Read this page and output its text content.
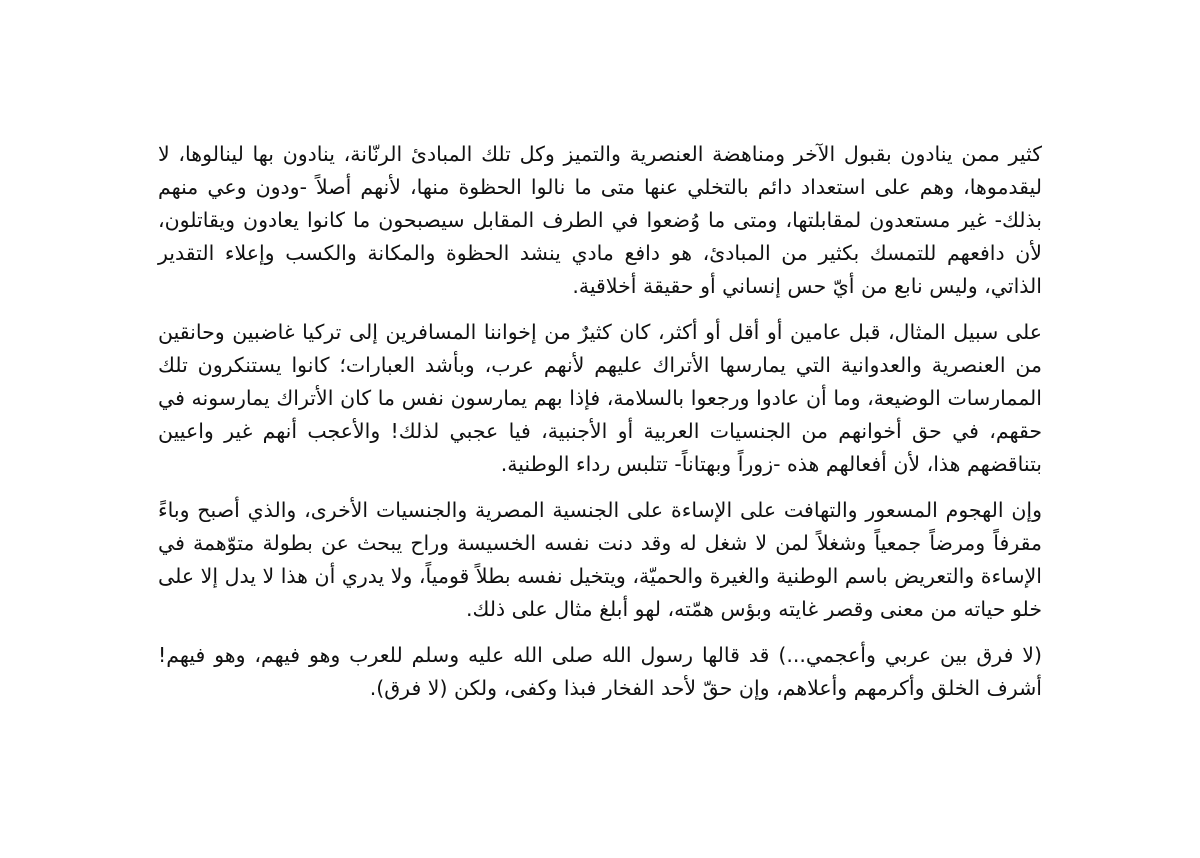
كثير ممن ينادون بقبول الآخر ومناهضة العنصرية والتميز وكل تلك المبادئ الرنّانة، ينادون بها لينالوها، لا ليقدموها، وهم على استعداد دائم بالتخلي عنها متى ما نالوا الحظوة منها، لأنهم أصلاً -ودون وعي منهم بذلك- غير مستعدون لمقابلتها، ومتى ما وُضعوا في الطرف المقابل سيصبحون ما كانوا يعادون ويقاتلون، لأن دافعهم للتمسك بكثير من المبادئ، هو دافع مادي ينشد الحظوة والمكانة والكسب وإعلاء التقدير الذاتي، وليس نابع من أيّ حس إنساني أو حقيقة أخلاقية.

على سبيل المثال، قبل عامين أو أقل أو أكثر، كان كثيرٌ من إخواننا المسافرين إلى تركيا غاضبين وحانقين من العنصرية والعدوانية التي يمارسها الأتراك عليهم لأنهم عرب، وبأشد العبارات؛ كانوا يستنكرون تلك الممارسات الوضيعة، وما أن عادوا ورجعوا بالسلامة، فإذا بهم يمارسون نفس ما كان الأتراك يمارسونه في حقهم، في حق أخوانهم من الجنسيات العربية أو الأجنبية، فيا عجبي لذلك! والأعجب أنهم غير واعيين بتناقضهم هذا، لأن أفعالهم هذه -زوراً وبهتاناً- تتلبس رداء الوطنية.

وإن الهجوم المسعور والتهافت على الإساءة على الجنسية المصرية والجنسيات الأخرى، والذي أصبح وباءً مقرفاً ومرضاً جمعياً وشغلاً لمن لا شغل له وقد دنت نفسه الخسيسة وراح يبحث عن بطولة متوّهمة في الإساءة والتعريض باسم الوطنية والغيرة والحميّة، ويتخيل نفسه بطلاً قومياً، ولا يدري أن هذا لا يدل إلا على خلو حياته من معنى وقصر غايته وبؤس همّته، لهو أبلغ مثال على ذلك.

(لا فرق بين عربي وأعجمي...) قد قالها رسول الله صلى الله عليه وسلم للعرب وهو فيهم، وهو فيهم! أشرف الخلق وأكرمهم وأعلاهم، وإن حقّ لأحد الفخار فبذا وكفى، ولكن (لا فرق).
